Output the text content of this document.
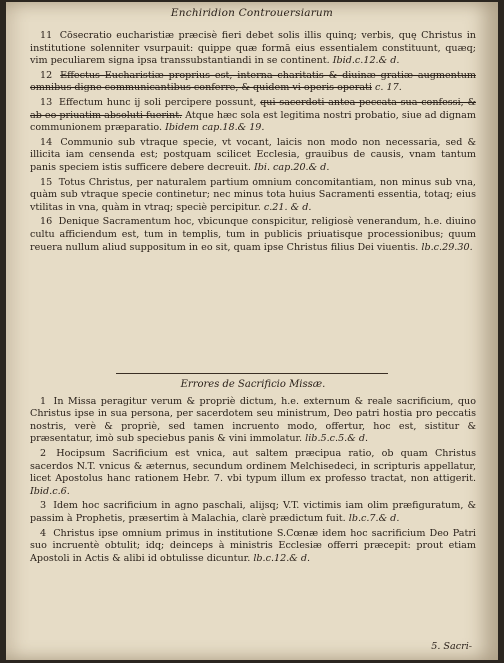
Enchiridion Controuersiarum

11 Cōsecratio eucharistiæ præcisè fieri debet solis illis quinq; verbis, quę Christus in institutione solenniter vsurpauit: quippe quæ formā eius essentialem constituunt, quæq; vim peculiarem signa ipsa transsubstantiandi in se continent. Ibid.c.12.& d.

12 Effectus Eucharistiæ proprius est, interna charitatis & diuinæ gratiæ augmentum omnibus digne communicantibus conferre, & quidem vi operis operati c. 17.

13 Effectum hunc ij soli percipere possunt, qui sacerdoti antea peccata sua confessi, & ab eo priuatim absoluti fuerint. Atque hæc sola est legitima nostri probatio, siue ad dignam communionem præparatio. Ibidem cap.18.& 19.

14 Communio sub vtraque specie, vt vocant, laicis non modo non necessaria, sed & illicita iam censenda est; postquam scilicet Ecclesia, grauibus de causis, vnam tantum panis speciem istis sufficere debere decreuit. Ibi. cap.20.& d.

15 Totus Christus, per naturalem partium omnium concomitantiam, non minus sub vna, quàm sub vtraque specie continetur; nec minus tota huius Sacramenti essentia, totaq; eius vtilitas in vna, quàm in vtraq; speciè percipitur. c.21. & d.

16 Denique Sacramentum hoc, vbicunque conspicitur, religiosè venerandum, h.e. diuino cultu afficiendum est, tum in templis, tum in publicis priuatisque processionibus; quum reuera nullum aliud suppositum in eo sit, quam ipse Christus filius Dei viuentis. lb.c.29.30.

Errores de Sacrificio Missæ.

1 In Missa peragitur verum & propriè dictum, h.e. externum & reale sacrificium, quo Christus ipse in sua persona, per sacerdotem seu ministrum, Deo patri hostia pro peccatis nostris, verè & propriè, sed tamen incruento modo, offertur, hoc est, sistitur & præsentatur, imò sub speciebus panis & vini immolatur. lib.5.c.5.& d.

2 Hocipsum Sacrificium est vnica, aut saltem præcipua ratio, ob quam Christus sacerdos N.T. vnicus & æternus, secundum ordinem Melchisedeci, in scripturis appellatur, licet Apostolus hanc rationem Hebr. 7. vbi typum illum ex professo tractat, non attigerit. Ibid.c.6.

3 Idem hoc sacrificium in agno paschali, alijsq; V.T. victimis iam olim præfiguratum, & passim à Prophetis, præsertim à Malachia, clarè prædictum fuit. lb.c.7.& d.

4 Christus ipse omnium primus in institutione S.Cœnæ idem hoc sacrificium Deo Patri suo incruentè obtulit; idq; deinceps à ministris Ecclesiæ offerri præcepit: prout etiam Apostoli in Actis & alibi id obtulisse dicuntur. lb.c.12.& d.

5. Sacri-
